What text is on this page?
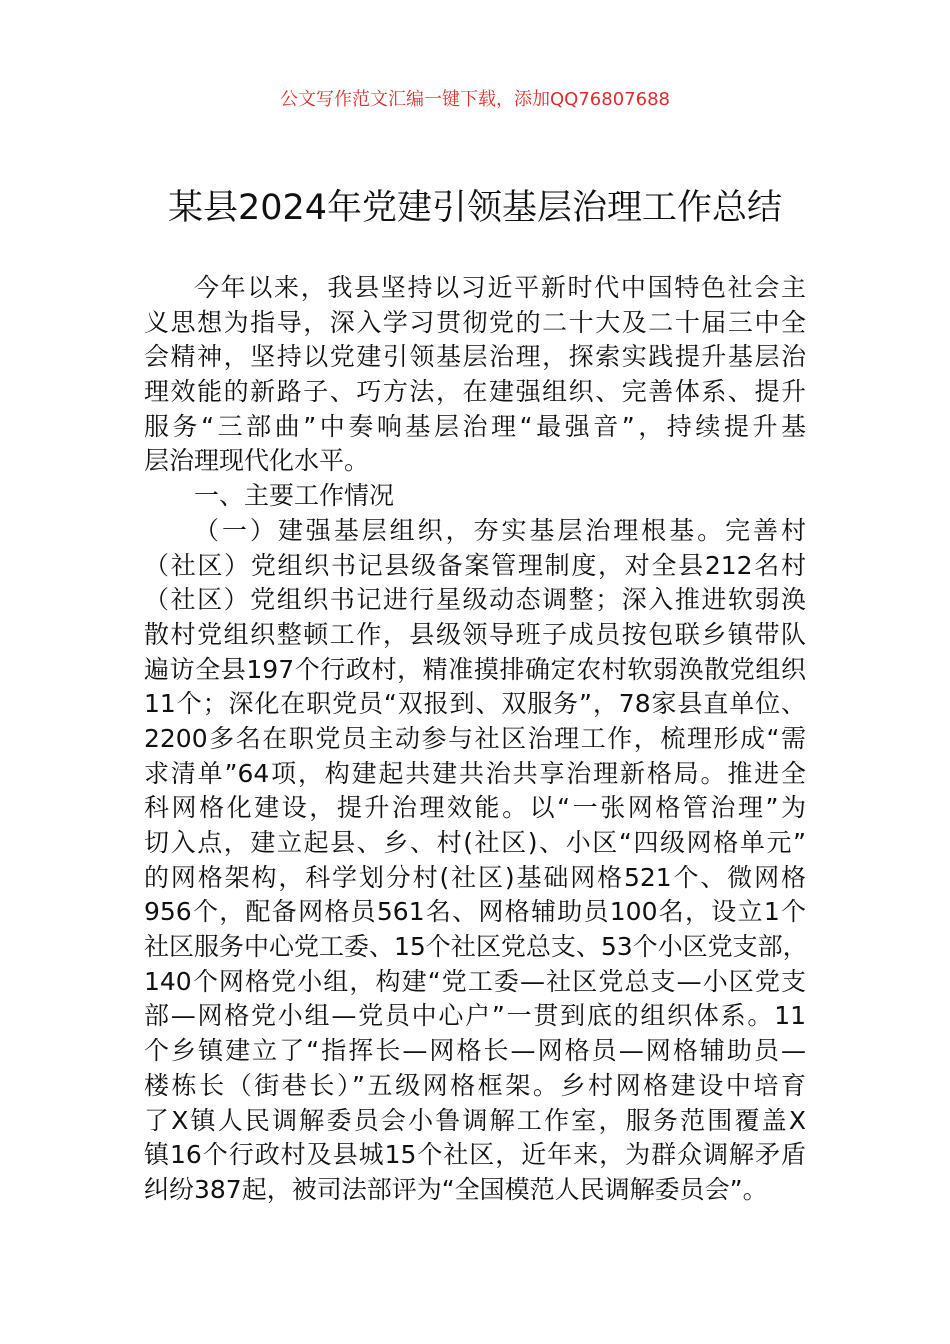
公文写作范文汇编一键下载，添加QQ76807688
某县2024年党建引领基层治理工作总结
今年以来，我县坚持以习近平新时代中国特色社会主
义思想为指导，深入学习贯彻党的二十大及二十届三中全
会精神，坚持以党建引领基层治理，探索实践提升基层治
理效能的新路子、巧方法，在建强组织、完善体系、提升
服务“三部曲”中奏响基层治理“最强音”，持续提升基
层治理现代化水平。
一、主要工作情况
（一）建强基层组织，夯实基层治理根基。完善村
（社区）党组织书记县级备案管理制度，对全县212名村
（社区）党组织书记进行星级动态调整；深入推进软弱涣
散村党组织整顿工作，县级领导班子成员按包联乡镇带队
遍访全县197个行政村，精准摸排确定农村软弱涣散党组织
11个；深化在职党员“双报到、双服务”，78家县直单位、
2200多名在职党员主动参与社区治理工作，梳理形成“需
求清单”64项，构建起共建共治共享治理新格局。推进全
科网格化建设，提升治理效能。以“一张网格管治理”为
切入点，建立起县、乡、村(社区)、小区“四级网格单元”
的网格架构，科学划分村(社区)基础网格521个、微网格
956个，配备网格员561名、网格辅助员100名，设立1个
社区服务中心党工委、15个社区党总支、53个小区党支部，
140个网格党小组，构建“党工委—社区党总支—小区党支
部—网格党小组—党员中心户”一贯到底的组织体系。11
个乡镇建立了“指挥长—网格长—网格员—网格辅助员—
楼栋长（街巷长）”五级网格框架。乡村网格建设中培育
了X镇人民调解委员会小鲁调解工作室，服务范围覆盖X
镇16个行政村及县城15个社区，近年来，为群众调解矛盾
纠纷387起，被司法部评为“全国模范人民调解委员会”。
